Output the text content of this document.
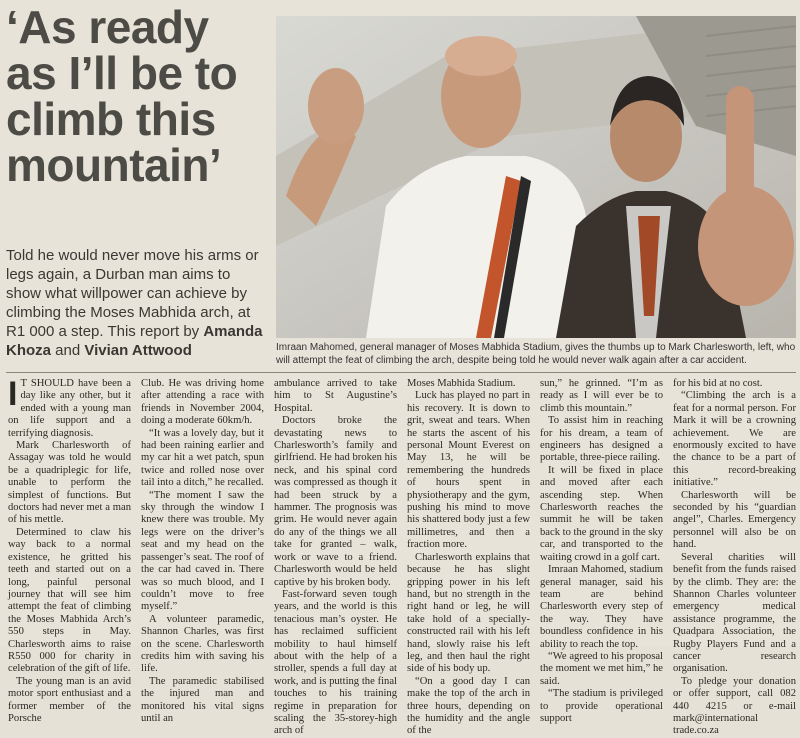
‘As ready
as I’ll be to
climb this
mountain’
Told he would never move his arms or legs again, a Durban man aims to show what willpower can achieve by climbing the Moses Mabhida arch, at R1 000 a step. This report by Amanda Khoza and Vivian Attwood	Imraan Mahomed, general manager of Moses Mabhida Stadium, gives the thumbs up to Mark Charlesworth, left, who will attempt the feat of climbing the arch, despite being told he would never walk again after a car accident.

I T SHOULD have been a day like any other, but it ended with a young man on life support and a terrifying diagnosis.

Mark Charlesworth of Assagay was told he would be a quadriplegic for life, unable to perform the simplest of functions. But doctors had never met a man of his mettle.

Determined to claw his way back to a normal existence, he gritted his teeth and started out on a long, painful personal journey that will see him attempt the feat of climbing the Moses Mabhida Arch’s 550 steps in May. Charlesworth aims to raise R550 000 for charity in celebration of the gift of life.

The young man is an avid motor sport enthusiast and a former member of the Porsche

Club. He was driving home after attending a race with friends in November 2004, doing a moderate 60km/h.

“It was a lovely day, but it had been raining earlier and my car hit a wet patch, spun twice and rolled nose over tail into a ditch,” he recalled.

“The moment I saw the sky through the window I knew there was trouble. My legs were on the driver’s seat and my head on the passenger’s seat. The roof of the car had caved in. There was so much blood, and I couldn’t move to free myself.”

A volunteer paramedic, Shannon Charles, was first on the scene. Charlesworth credits him with saving his life.

The paramedic stabilised the injured man and monitored his vital signs until an

ambulance arrived to take him to St Augustine’s Hospital.

Doctors broke the devastating news to Charlesworth’s family and girlfriend. He had broken his neck, and his spinal cord was compressed as though it had been struck by a hammer. The prognosis was grim. He would never again do any of the things we all take for granted – walk, work or wave to a friend. Charlesworth would be held captive by his broken body.

Fast-forward seven tough years, and the world is this tenacious man’s oyster. He has reclaimed sufficient mobility to haul himself about with the help of a stroller, spends a full day at work, and is putting the final touches to his training regime in preparation for scaling the 35-storey-high arch of

Moses Mabhida Stadium.

Luck has played no part in his recovery. It is down to grit, sweat and tears. When he starts the ascent of his personal Mount Everest on May 13, he will be remembering the hundreds of hours spent in physiotherapy and the gym, pushing his mind to move his shattered body just a few millimetres, and then a fraction more.

Charlesworth explains that because he has slight gripping power in his left hand, but no strength in the right hand or leg, he will take hold of a specially-constructed rail with his left hand, slowly raise his left leg, and then haul the right side of his body up.

“On a good day I can make the top of the arch in three hours, depending on the humidity and the angle of the

sun,” he grinned. “I’m as ready as I will ever be to climb this mountain.”

To assist him in reaching for his dream, a team of engineers has designed a portable, three-piece railing.

It will be fixed in place and moved after each ascending step. When Charlesworth reaches the summit he will be taken back to the ground in the sky car, and transported to the waiting crowd in a golf cart.

Imraan Mahomed, stadium general manager, said his team are behind Charlesworth every step of the way. They have boundless confidence in his ability to reach the top.

“We agreed to his proposal the moment we met him,” he said.

“The stadium is privileged to provide operational support

for his bid at no cost.

“Climbing the arch is a feat for a normal person. For Mark it will be a crowning achievement. We are enormously excited to have the chance to be a part of this record-breaking initiative.”

Charlesworth will be seconded by his “guardian angel”, Charles. Emergency personnel will also be on hand.

Several charities will benefit from the funds raised by the climb. They are: the Shannon Charles volunteer emergency medical assistance programme, the Quadpara Association, the Rugby Players Fund and a cancer research organisation.

To pledge your donation or offer support, call 082 440 4215 or e-mail mark@international trade.co.za
